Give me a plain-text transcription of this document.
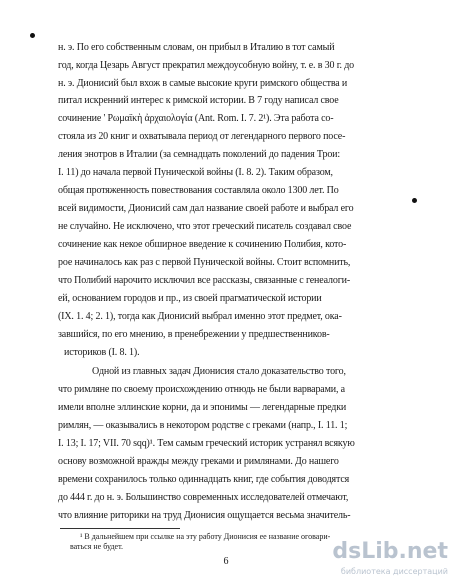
н. э. По его собственным словам, он прибыл в Италию в тот самый
год, когда Цезарь Август прекратил междоусобную войну, т. е. в 30 г. до
н. э. Дионисий был вхож в самые высокие круги римского общества и
питал искренний интерес к римской истории. В 7 году написал свое
сочинение ' Ρωμαϊκὴ ἀρχαιολογία (Ant. Rom. I. 7. 2¹). Эта работа со-
стояла из 20 книг и охватывала период от легендарного первого посе-
ления энотров в Италии (за семнадцать поколений до падения Трои:
I. 11) до начала первой Пунической войны (I. 8. 2). Таким образом,
общая протяженность повествования составляла около 1300 лет. По
всей видимости, Дионисий сам дал название своей работе и выбрал его
не случайно. Не исключено, что этот греческий писатель создавал свое
сочинение как некое обширное введение к сочинению Полибия, кото-
рое начиналось как раз с первой Пунической войны. Стоит вспомнить,
что Полибий нарочито исключил все рассказы, связанные с генеалоги-
ей, основанием городов и пр., из своей прагматической истории
(IX. 1. 4; 2. 1), тогда как Дионисий выбрал именно этот предмет, ока-
завшийся, по его мнению, в пренебрежении у предшественников-
историков (I. 8. 1).
Одной из главных задач Дионисия стало доказательство того,
что римляне по своему происхождению отнюдь не были варварами, а
имели вполне эллинские корни, да и эпонимы — легендарные предки
римлян, — оказывались в некотором родстве с греками (напр., I. 11. 1;
I. 13; I. 17; VII. 70 sqq)¹. Тем самым греческий историк устранял всякую
основу возможной вражды между греками и римлянами. До нашего
времени сохранилось только одиннадцать книг, где события доводятся
до 444 г. до н. э. Большинство современных исследователей отмечают,
что влияние риторики на труд Дионисия ощущается весьма значитель-
¹ В дальнейшем при ссылке на эту работу Дионисия ее название оговари-
ваться не будет.
6	dsLib.net
библиотека диссертаций
